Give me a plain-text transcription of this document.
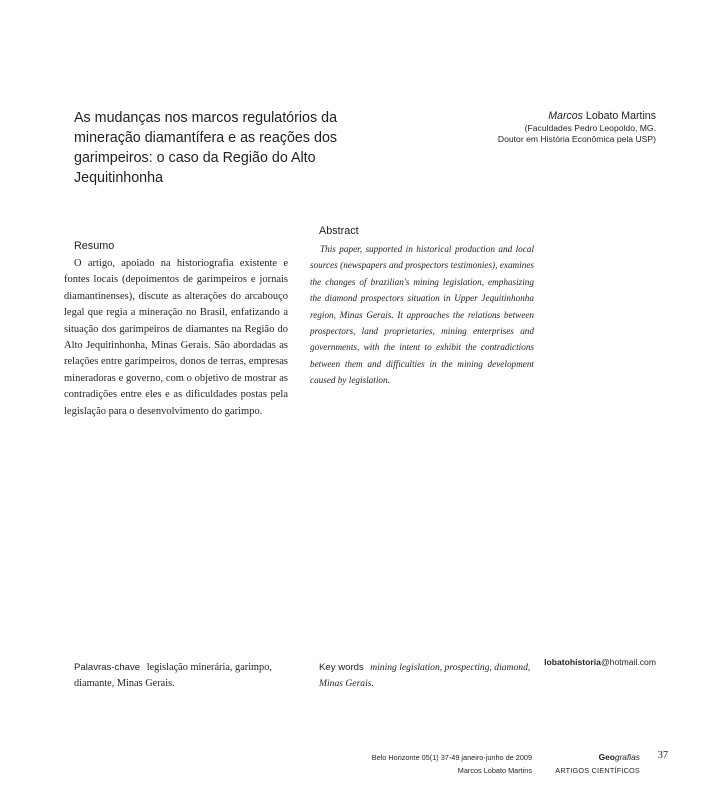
As mudanças nos marcos regulatórios da mineração diamantífera e as reações dos garimpeiros: o caso da Região do Alto Jequitinhonha
Marcos Lobato Martins
(Faculdades Pedro Leopoldo, MG.
Doutor em História Econômica pela USP)
Resumo

O artigo, apoiado na historiografia existente e fontes locais (depoimentos de garimpeiros e jornais diamantinenses), discute as alterações do arcabouço legal que regia a mineração no Brasil, enfatizando a situação dos garimpeiros de diamantes na Região do Alto Jequitinhonha, Minas Gerais. São abordadas as relações entre garimpeiros, donos de terras, empresas mineradoras e governo, com o objetivo de mostrar as contradições entre eles e as dificuldades postas pela legislação para o desenvolvimento do garimpo.

Abstract

This paper, supported in historical production and local sources (newspapers and prospectors testimonies), examines the changes of brazilian's mining legislation, emphasizing the diamond prospectors situation in Upper Jequitinhonha region, Minas Gerais. It approaches the relations between prospectors, land proprietaries, mining enterprises and governments, with the intent to exhibit the contradictions between them and difficulties in the mining development caused by legislation.

Palavras-chave legislação minerária, garimpo, diamante, Minas Gerais.

Key words mining legislation, prospecting, diamond, Minas Gerais.

lobatohistoria@hotmail.com
Belo Horizonte 05(1) 37-49 janeiro-junho de 2009
Marcos Lobato Martins
Geografias
ARTIGOS CIENTÍFICOS
37
